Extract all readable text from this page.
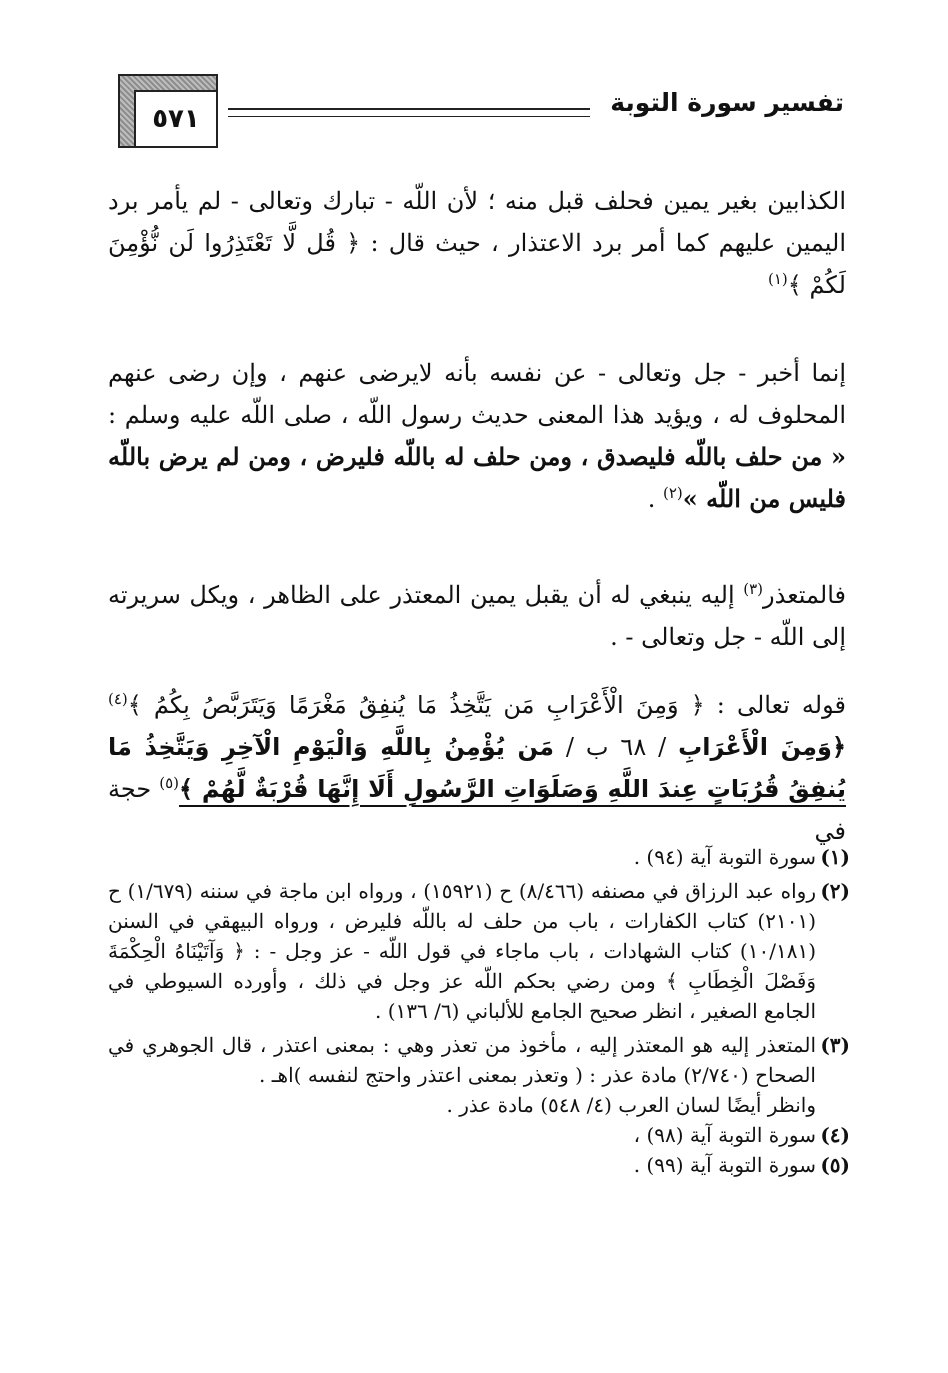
٥٧١
تفسير سورة التوبة
الكذابين بغير يمين فحلف قبل منه ؛ لأن اللّه - تبارك وتعالى - لم يأمر برد اليمين عليهم كما أمر برد الاعتذار ، حيث قال : ﴿ قُل لَّا تَعْتَذِرُوا لَن نُّؤْمِنَ لَكُمْ ﴾$^{(١)}$
إنما أخبر - جل وتعالى - عن نفسه بأنه لايرضى عنهم ، وإن رضى عنهم المحلوف له ، ويؤيد هذا المعنى حديث رسول اللّه ، صلى اللّه عليه وسلم : « من حلف باللّه فليصدق ، ومن حلف له باللّه فليرض ، ومن لم يرض باللّه فليس من اللّه »$^{(٢)}$ .
فالمتعذر$^{(٣)}$ إليه ينبغي له أن يقبل يمين المعتذر على الظاهر ، ويكل سريرته إلى اللّه - جل وتعالى - .
قوله تعالى : ﴿ وَمِنَ الْأَعْرَابِ مَن يَتَّخِذُ مَا يُنفِقُ مَغْرَمًا وَيَتَرَبَّصُ بِكُمُ ﴾$^{(٤)}$ ﴿وَمِنَ الْأَعْرَابِ / ٦٨ ب / مَن يُؤْمِنُ بِاللَّهِ وَالْيَوْمِ الْآخِرِ وَيَتَّخِذُ مَا يُنفِقُ قُرُبَاتٍ عِندَ اللَّهِ وَصَلَوَاتِ الرَّسُولِ أَلَا إِنَّهَا قُرْبَةٌ لَّهُمْ ﴾$^{(٥)}$ حجة في

(١)
سورة التوبة آية (٩٤) .

(٢)
رواه عبد الرزاق في مصنفه (٨/٤٦٦) ح (١٥٩٢١) ، ورواه ابن ماجة في سننه (١/٦٧٩) ح (٢١٠١) كتاب الكفارات ، باب من حلف له باللّه فليرض ، ورواه البيهقي في السنن (١٠/١٨١) كتاب الشهادات ، باب ماجاء في قول اللّه - عز وجل - : ﴿ وَآتَيْنَاهُ الْحِكْمَةَ وَفَصْلَ الْخِطَابِ ﴾ ومن رضي بحكم اللّه عز وجل في ذلك ، وأورده السيوطي في الجامع الصغير ، انظر صحيح الجامع للألباني (٦/ ١٣٦) .

(٣)
المتعذر إليه هو المعتذر إليه ، مأخوذ من تعذر وهي : بمعنى اعتذر ، قال الجوهري في الصحاح (٢/٧٤٠) مادة عذر : ( وتعذر بمعنى اعتذر واحتج لنفسه )اهـ .

وانظر أيضًا لسان العرب (٤/ ٥٤٨) مادة عذر .

(٤)
سورة التوبة آية (٩٨) ،

(٥)
سورة التوبة آية (٩٩) .
